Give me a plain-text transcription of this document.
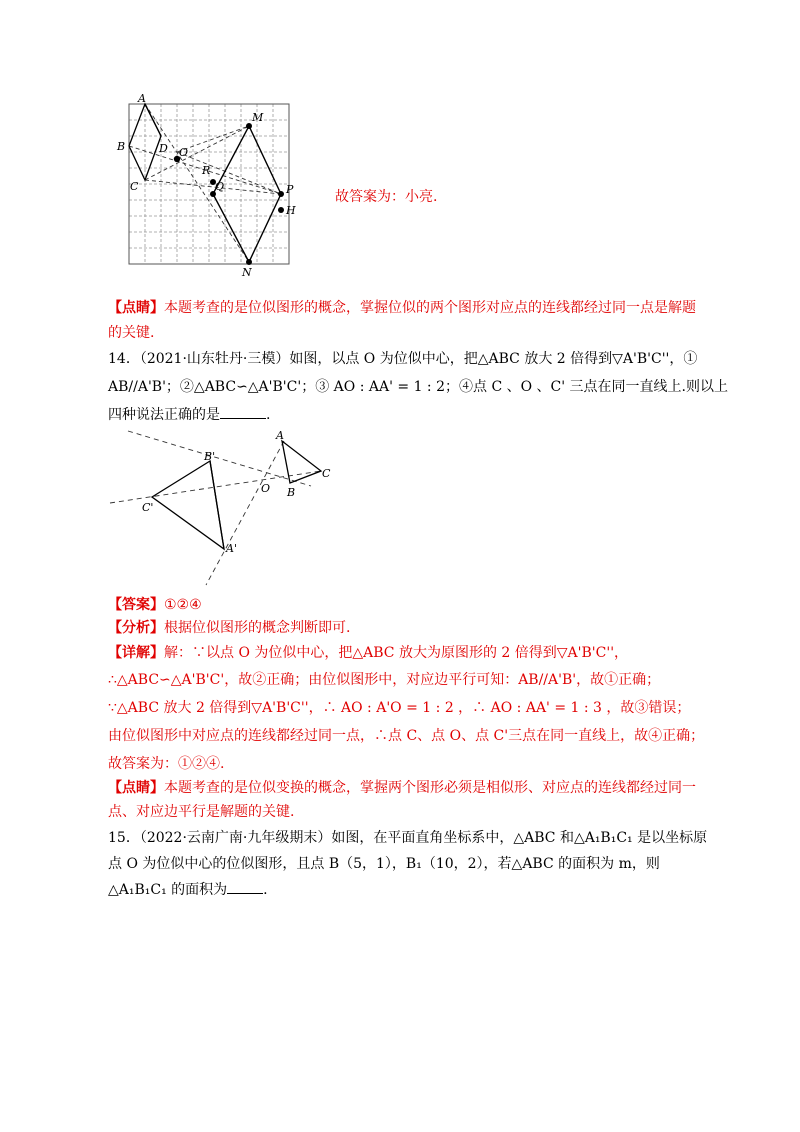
A
B
C
D O
R
Q
M
P
H
N
故答案为：小亮.
【点睛】本题考查的是位似图形的概念，掌握位似的两个图形对应点的连线都经过同一点是解题
的关键.
14．（2021·山东牡丹·三模）如图，以点 O 为位似中心，把△ABC 放大 2 倍得到▽A'B'C''，①
AB//A'B'；②△ABC∽△A'B'C'；③ AO : AA' = 1 : 2；④点 C 、O 、C' 三点在同一直线上.则以上
四种说法正确的是	.
A
B
C
O
B'
C'
A'
【答案】①②④
【分析】根据位似图形的概念判断即可.
【详解】解：∵以点 O 为位似中心，把△ABC 放大为原图形的 2 倍得到▽A'B'C''，
∴△ABC∽△A'B'C'，故②正确；由位似图形中，对应边平行可知：AB//A'B'，故①正确；
∵△ABC 放大 2 倍得到▽A'B'C''，∴ AO : A'O = 1 : 2 ，∴ AO : AA' = 1 : 3 ，故③错误；
由位似图形中对应点的连线都经过同一点，∴点 C、点 O、点 C'三点在同一直线上，故④正确；
故答案为：①②④.
【点睛】本题考查的是位似变换的概念，掌握两个图形必须是相似形、对应点的连线都经过同一
点、对应边平行是解题的关键.
15．（2022·云南广南·九年级期末）如图，在平面直角坐标系中，△ABC 和△A₁B₁C₁ 是以坐标原
点 O 为位似中心的位似图形，且点 B（5，1），B₁（10，2），若△ABC 的面积为 m，则
△A₁B₁C₁ 的面积为	.
